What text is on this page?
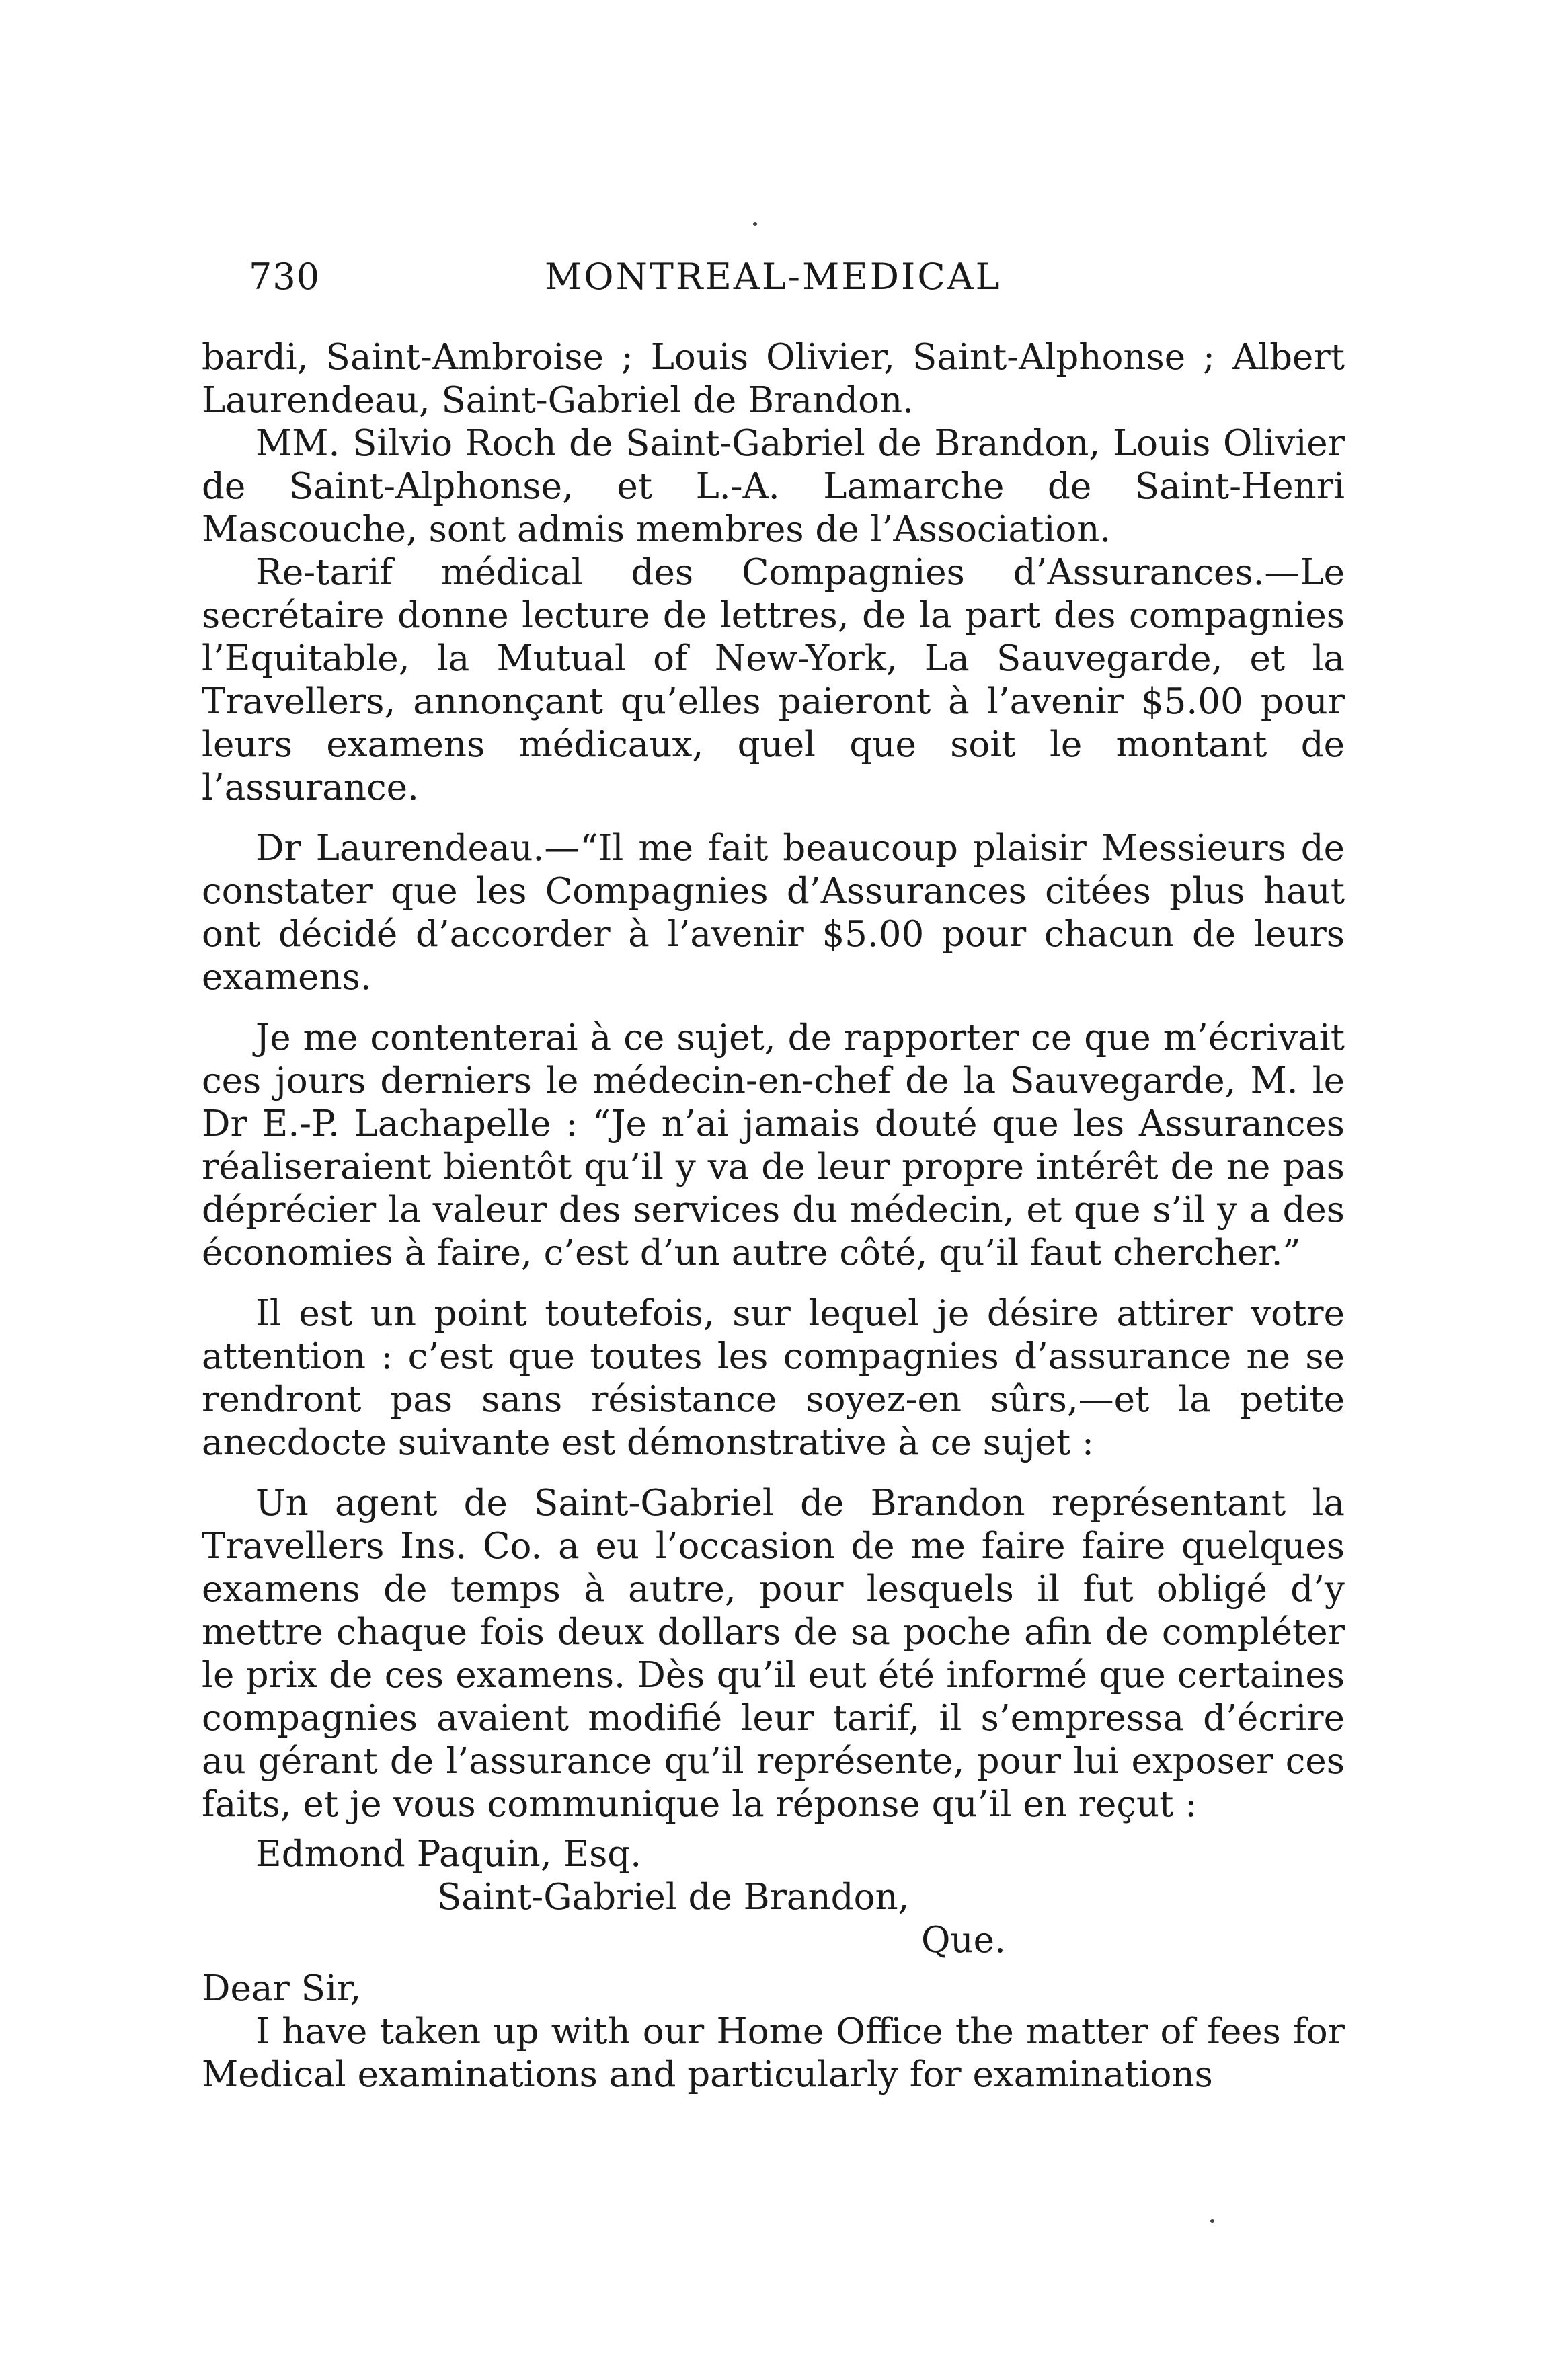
730	MONTREAL-MEDICAL

bardi, Saint-Ambroise ; Louis Olivier, Saint-Alphonse ; Albert Laurendeau, Saint-Gabriel de Brandon.

MM. Silvio Roch de Saint-Gabriel de Brandon, Louis Olivier de Saint-Alphonse, et L.-A. Lamarche de Saint-Henri Mascouche, sont admis membres de l’Association.

Re-tarif médical des Compagnies d’Assurances.—Le secrétaire donne lecture de lettres, de la part des compagnies l’Equitable, la Mutual of New-York, La Sauvegarde, et la Travellers, annonçant qu’elles paieront à l’avenir $5.00 pour leurs examens médicaux, quel que soit le montant de l’assurance.

Dr Laurendeau.—“Il me fait beaucoup plaisir Messieurs de constater que les Compagnies d’Assurances citées plus haut ont décidé d’accorder à l’avenir $5.00 pour chacun de leurs examens.

Je me contenterai à ce sujet, de rapporter ce que m’écrivait ces jours derniers le médecin-en-chef de la Sauvegarde, M. le Dr E.-P. Lachapelle : “Je n’ai jamais douté que les Assurances réaliseraient bientôt qu’il y va de leur propre intérêt de ne pas déprécier la valeur des services du médecin, et que s’il y a des économies à faire, c’est d’un autre côté, qu’il faut chercher.”

Il est un point toutefois, sur lequel je désire attirer votre attention : c’est que toutes les compagnies d’assurance ne se rendront pas sans résistance soyez-en sûrs,—et la petite anecdocte suivante est démonstrative à ce sujet :

Un agent de Saint-Gabriel de Brandon représentant la Travellers Ins. Co. a eu l’occasion de me faire faire quelques examens de temps à autre, pour lesquels il fut obligé d’y mettre chaque fois deux dollars de sa poche afin de compléter le prix de ces examens. Dès qu’il eut été informé que certaines compagnies avaient modifié leur tarif, il s’empressa d’écrire au gérant de l’assurance qu’il représente, pour lui exposer ces faits, et je vous communique la réponse qu’il en reçut :

Edmond Paquin, Esq.
Saint-Gabriel de Brandon,
Que.
Dear Sir,

I have taken up with our Home Office the matter of fees for Medical examinations and particularly for examinations
